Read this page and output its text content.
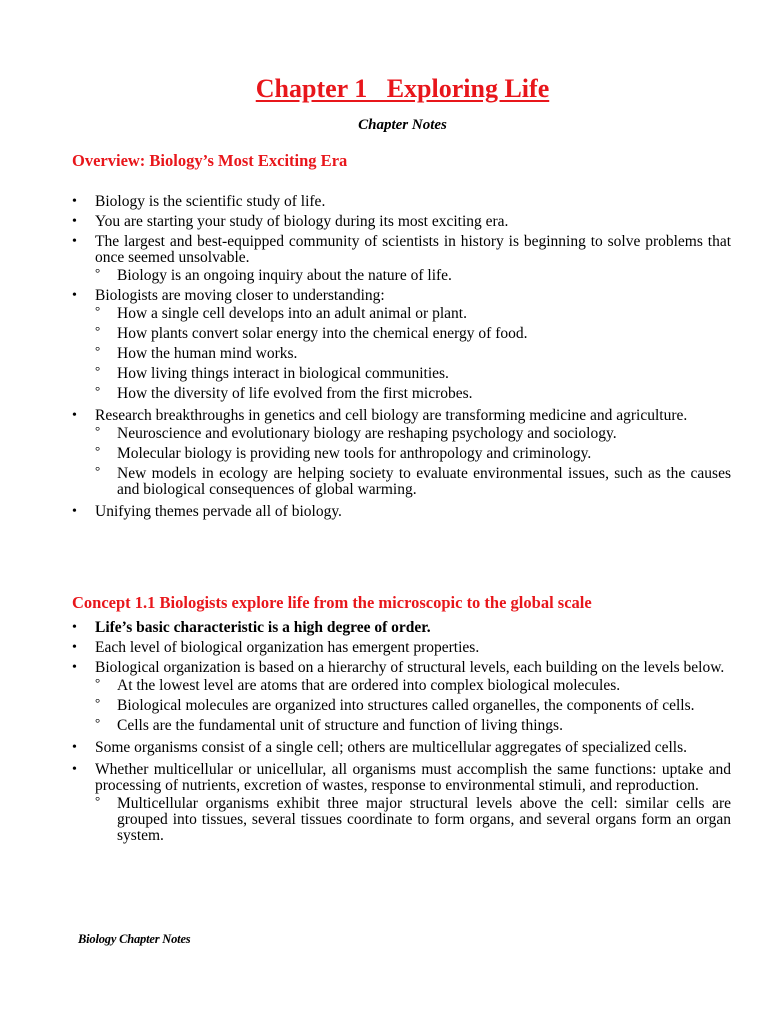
Chapter 1   Exploring Life
Chapter Notes
Overview: Biology’s Most Exciting Era
•	Biology is the scientific study of life.
•	You are starting your study of biology during its most exciting era.
•	The largest and best-equipped community of scientists in history is beginning to solve problems that once seemed unsolvable.
° Biology is an ongoing inquiry about the nature of life.
•	Biologists are moving closer to understanding:
° How a single cell develops into an adult animal or plant.
° How plants convert solar energy into the chemical energy of food.
° How the human mind works.
° How living things interact in biological communities.
° How the diversity of life evolved from the first microbes.
•	Research breakthroughs in genetics and cell biology are transforming medicine and agriculture.
° Neuroscience and evolutionary biology are reshaping psychology and sociology.
° Molecular biology is providing new tools for anthropology and criminology.
° New models in ecology are helping society to evaluate environmental issues, such as the causes and biological consequences of global warming.
•	Unifying themes pervade all of biology.
Concept 1.1 Biologists explore life from the microscopic to the global scale
•	Life’s basic characteristic is a high degree of order.
•	Each level of biological organization has emergent properties.
•	Biological organization is based on a hierarchy of structural levels, each building on the levels below.
° At the lowest level are atoms that are ordered into complex biological molecules.
° Biological molecules are organized into structures called organelles, the components of cells.
° Cells are the fundamental unit of structure and function of living things.
•	Some organisms consist of a single cell; others are multicellular aggregates of specialized cells.
•	Whether multicellular or unicellular, all organisms must accomplish the same functions: uptake and processing of nutrients, excretion of wastes, response to environmental stimuli, and reproduction.
° Multicellular organisms exhibit three major structural levels above the cell: similar cells are grouped into tissues, several tissues coordinate to form organs, and several organs form an organ system.
Biology Chapter Notes
